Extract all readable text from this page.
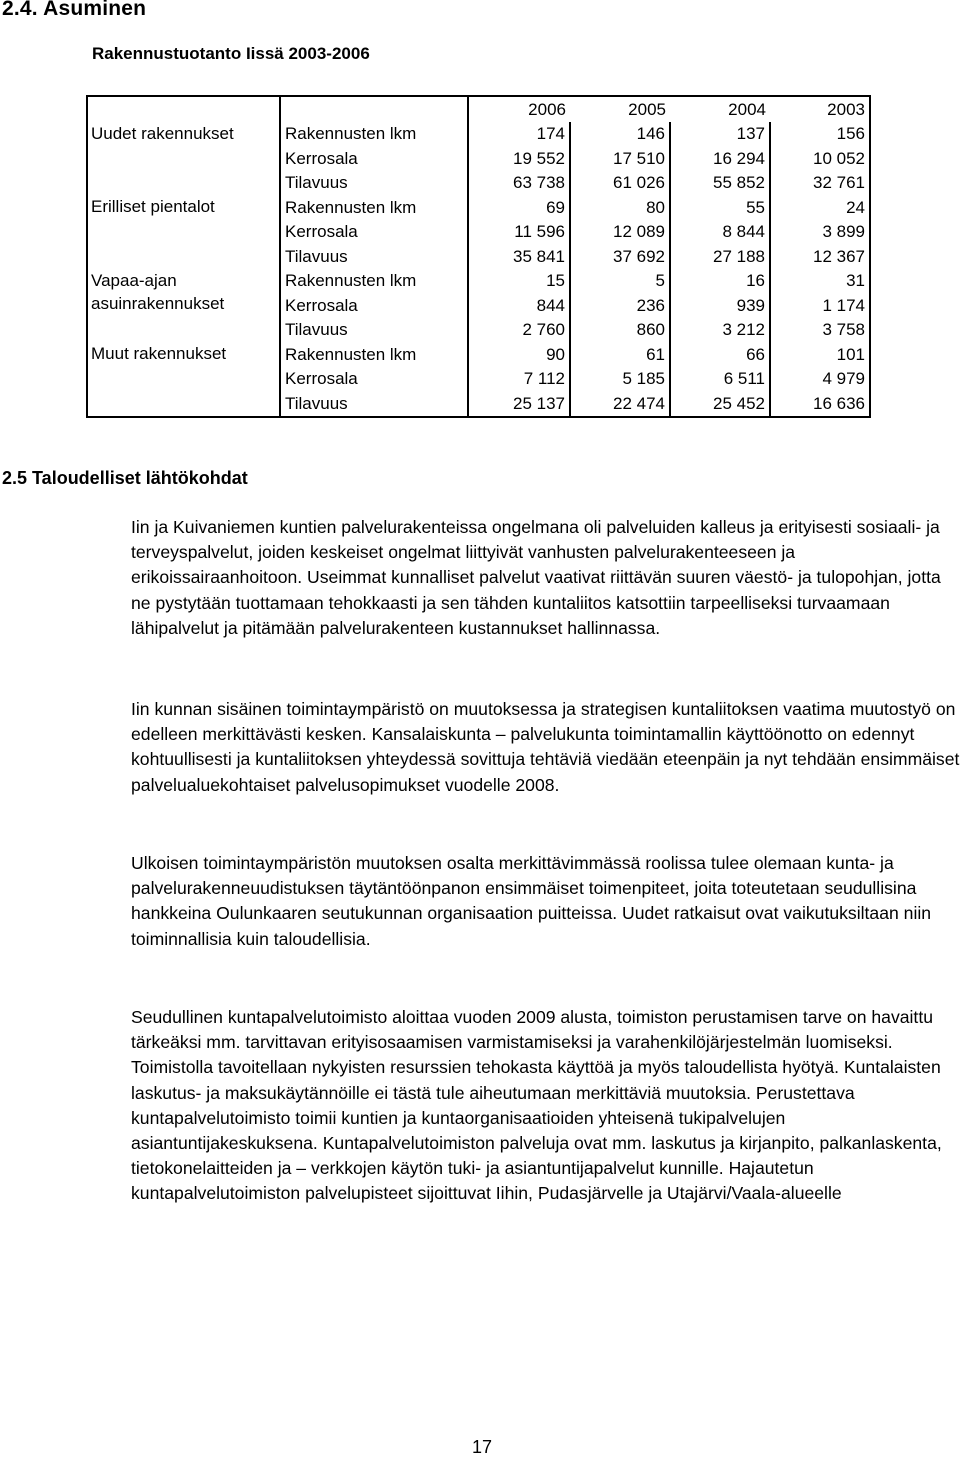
2.4. Asuminen
Rakennustuotanto Iissä 2003-2006
		2006	2005	2004	2003
Uudet rakennukset	Rakennusten lkm	174	146	137	156
	Kerrosala	19 552	17 510	16 294	10 052
	Tilavuus	63 738	61 026	55 852	32 761
Erilliset pientalot	Rakennusten lkm	69	80	55	24
	Kerrosala	11 596	12 089	8 844	3 899
	Tilavuus	35 841	37 692	27 188	12 367
Vapaa-ajan asuinrakennukset	Rakennusten lkm	15	5	16	31
	Kerrosala	844	236	939	1 174
	Tilavuus	2 760	860	3 212	3 758
Muut rakennukset	Rakennusten lkm	90	61	66	101
	Kerrosala	7 112	5 185	6 511	4 979
	Tilavuus	25 137	22 474	25 452	16 636
2.5 Taloudelliset lähtökohdat

Iin ja Kuivaniemen kuntien palvelurakenteissa ongelmana oli palveluiden kalleus ja erityisesti sosiaali- ja terveyspalvelut, joiden keskeiset ongelmat liittyivät vanhusten palvelurakenteeseen ja erikoissairaanhoitoon. Useimmat kunnalliset palvelut vaativat riittävän suuren väestö- ja tulopohjan, jotta ne pystytään tuottamaan tehokkaasti ja sen tähden kuntaliitos katsottiin tarpeelliseksi turvaamaan lähipalvelut ja pitämään palvelurakenteen kustannukset hallinnassa.

Iin kunnan sisäinen toimintaympäristö on muutoksessa ja strategisen kuntaliitoksen vaatima muutostyö on edelleen merkittävästi kesken. Kansalaiskunta – palvelukunta toimintamallin käyttöönotto on edennyt kohtuullisesti ja kuntaliitoksen yhteydessä sovittuja tehtäviä viedään eteenpäin ja nyt tehdään ensimmäiset palvelualuekohtaiset palvelusopimukset vuodelle 2008.

Ulkoisen toimintaympäristön muutoksen osalta merkittävimmässä roolissa tulee olemaan kunta- ja palvelurakenneuudistuksen täytäntöönpanon ensimmäiset toimenpiteet, joita toteutetaan seudullisina hankkeina Oulunkaaren seutukunnan organisaation puitteissa. Uudet ratkaisut ovat vaikutuksiltaan niin toiminnallisia kuin taloudellisia.

Seudullinen kuntapalvelutoimisto aloittaa vuoden 2009 alusta, toimiston perustamisen tarve on havaittu tärkeäksi mm. tarvittavan erityisosaamisen varmistamiseksi ja varahenkilöjärjestelmän luomiseksi. Toimistolla tavoitellaan nykyisten resurssien tehokasta käyttöä ja myös taloudellista hyötyä. Kuntalaisten laskutus- ja maksukäytännöille ei tästä tule aiheutumaan merkittäviä muutoksia. Perustettava kuntapalvelutoimisto toimii kuntien ja kuntaorganisaatioiden yhteisenä tukipalvelujen asiantuntijakeskuksena. Kuntapalvelutoimiston palveluja ovat mm. laskutus ja kirjanpito, palkanlaskenta, tietokonelaitteiden ja – verkkojen käytön tuki- ja asiantuntijapalvelut kunnille. Hajautetun kuntapalvelutoimiston palvelupisteet sijoittuvat Iihin, Pudasjärvelle ja Utajärvi/Vaala-alueelle

17
